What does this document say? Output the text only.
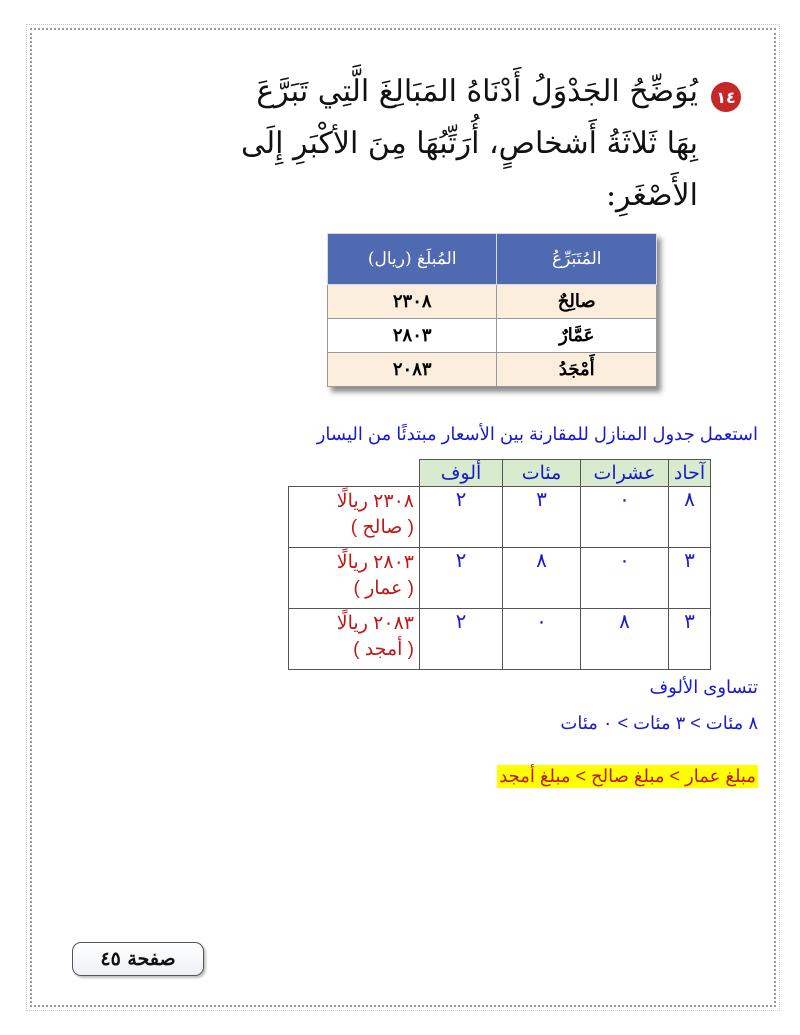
١٤
يُوَضِّحُ الجَدْوَلُ أَدْنَاهُ المَبَالِغَ الَّتِي تَبَرَّعَ
بِهَا ثَلاثَةُ أَشخاصٍ، أُرَتِّبُهَا مِنَ الأكْبَرِ إِلَى
الأَصْغَرِ:
المُتَبَرِّعُ	المُبلَغ (ريال)
صالِحٌ	٢٣٠٨
عَمَّارٌ	٢٨٠٣
أَمْجَدُ	٢٠٨٣
استعمل جدول المنازل للمقارنة بين الأسعار مبتدئًا من اليسار
آحاد	عشرات	مئات	ألوف	
٨	٠	٣	٢	٢٣٠٨ ريالًا
( صالح )

٣	٠	٨	٢	٢٨٠٣ ريالًا
( عمار )

٣	٨	٠	٢	٢٠٨٣ ريالًا
( أمجد )
تتساوى الألوف
٨ مئات > ٣ مئات > ٠ مئات
مبلغ عمار > مبلغ صالح > مبلغ أمجد
صفحة ٤٥
